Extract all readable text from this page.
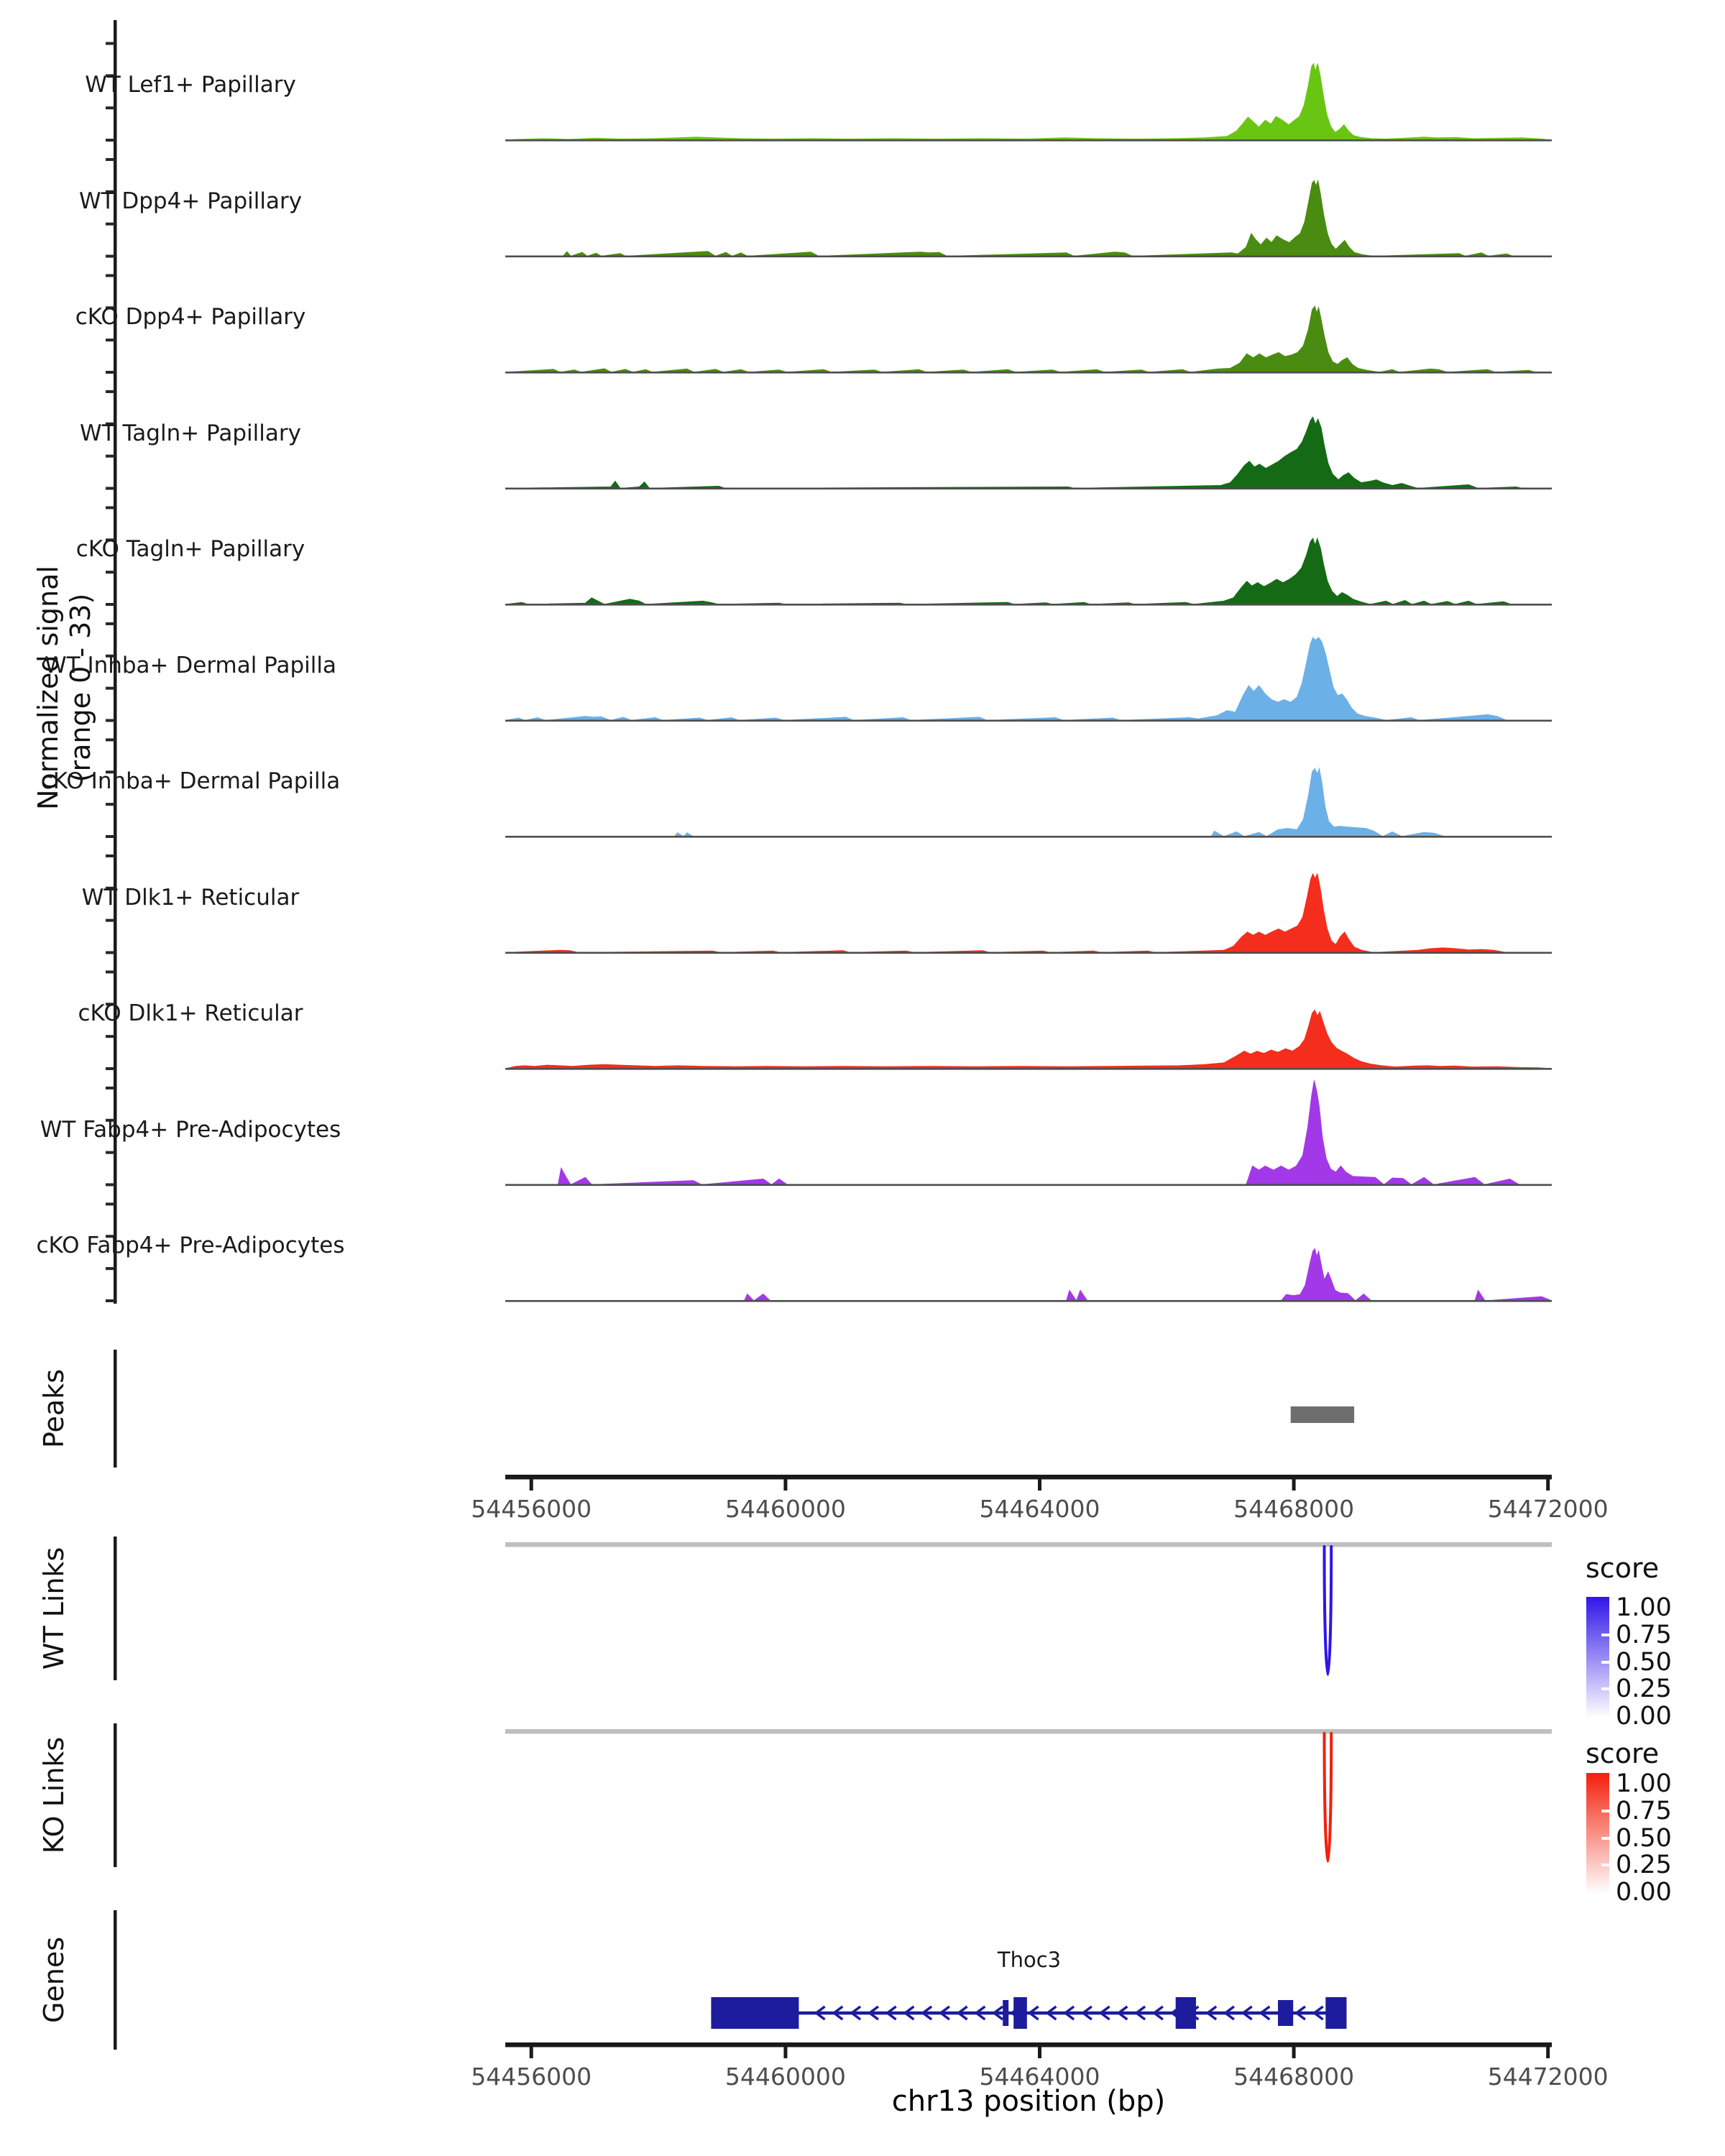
Normalized signal (range 0 - 33)
WT Lef1+ Papillary
WT Dpp4+ Papillary
cKO Dpp4+ Papillary
WT Tagln+ Papillary
cKO Tagln+ Papillary
WT Inhba+ Dermal Papilla
cKO Inhba+ Dermal Papilla
WT Dlk1+ Reticular
cKO Dlk1+ Reticular
WT Fabp4+ Pre-Adipocytes
cKO Fabp4+ Pre-Adipocytes
Peaks
WT Links
KO Links
Genes
54456000	54460000	54464000	54468000	54472000
54456000	54460000	54464000	54468000	54472000
score
1.00
0.75
0.50
0.25
0.00
score
1.00
0.75
0.50
0.25
0.00
Thoc3
chr13 position (bp)
